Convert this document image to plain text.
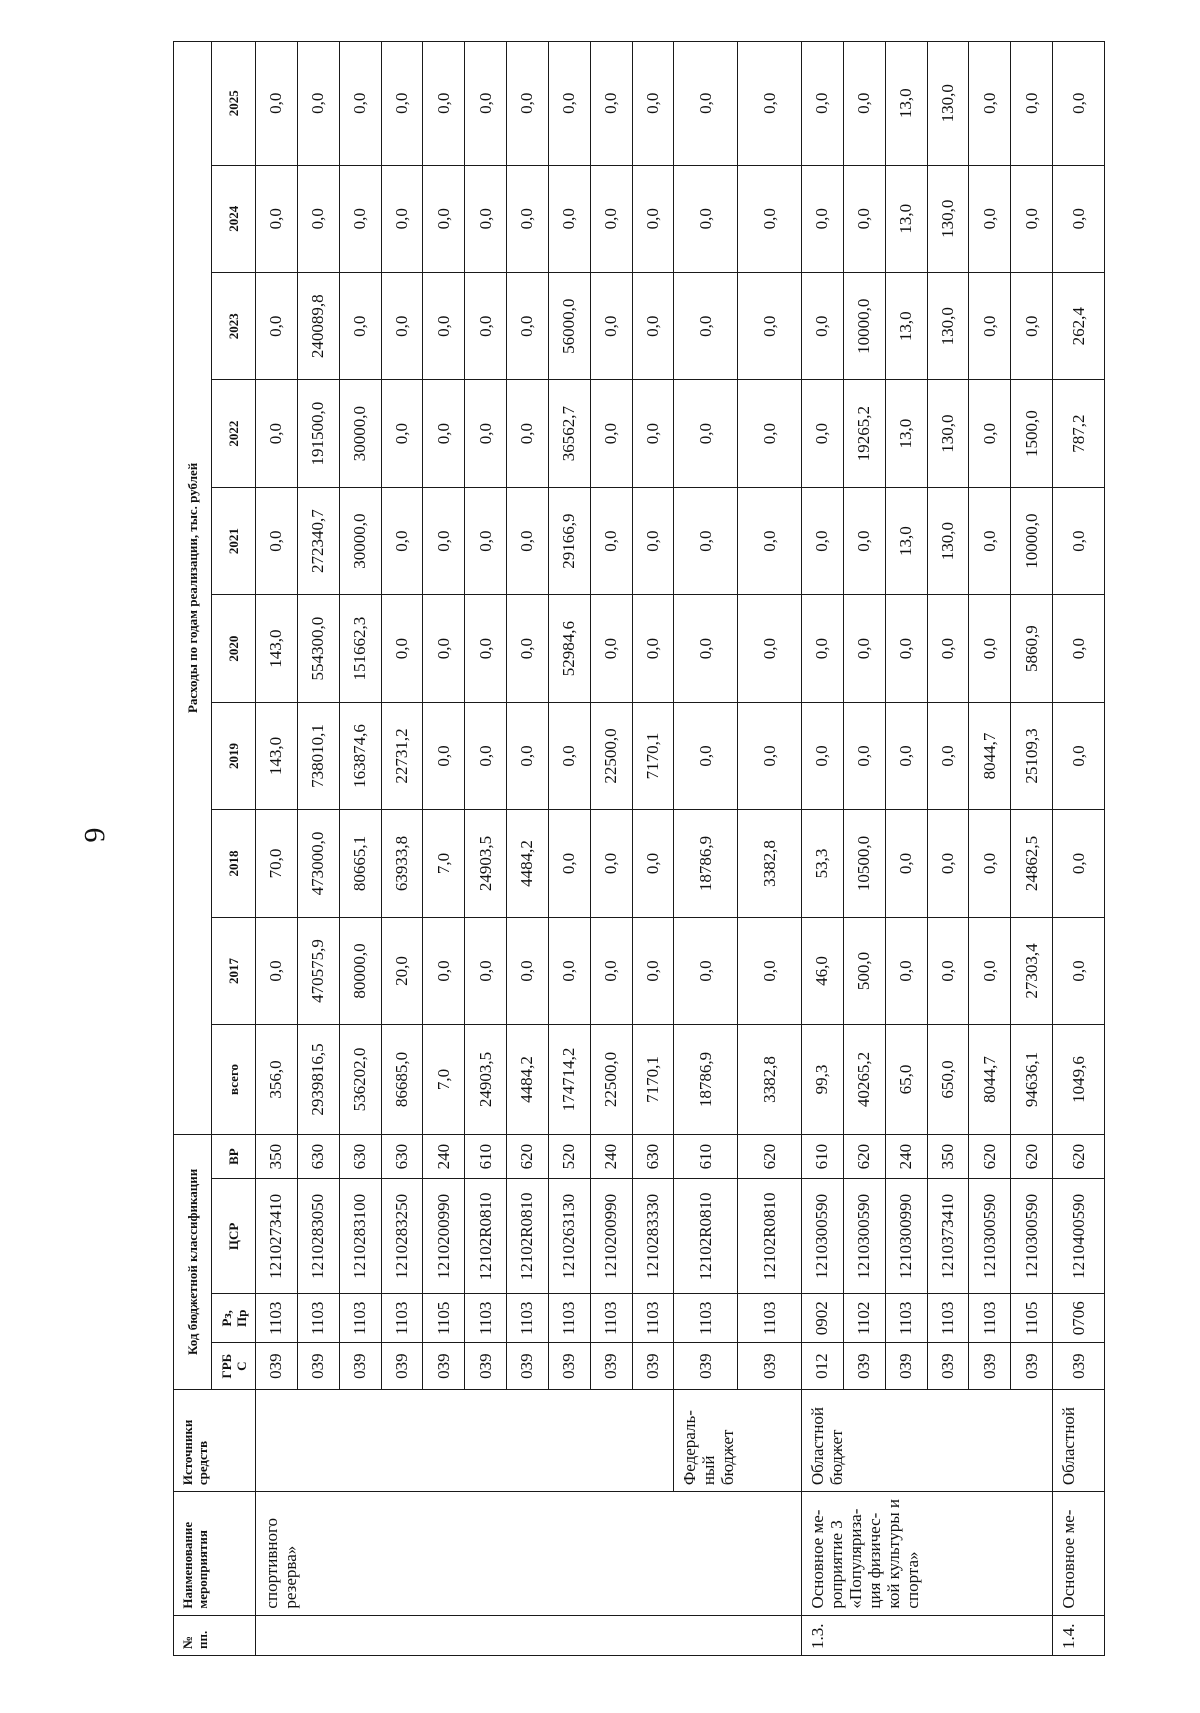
6
№ пп.	Наименование мероприятия	Источники средств	Код бюджетной классификации				Расходы по годам реализации, тыс. рублей									
			ГРБ С	Рз, Пр	ЦСР	ВР	всего	2017	2018	2019	2020	2021	2022	2023	2024	2025
	спортивного резерва»		039	1103	1210273410	350	356,0	0,0	70,0	143,0	143,0	0,0	0,0	0,0	0,0	0,0
			039	1103	1210283050	630	2939816,5	470575,9	473000,0	738010,1	554300,0	272340,7	191500,0	240089,8	0,0	0,0
			039	1103	1210283100	630	536202,0	80000,0	80665,1	163874,6	151662,3	30000,0	30000,0	0,0	0,0	0,0
			039	1103	1210283250	630	86685,0	20,0	63933,8	22731,2	0,0	0,0	0,0	0,0	0,0	0,0
			039	1105	1210200990	240	7,0	0,0	7,0	0,0	0,0	0,0	0,0	0,0	0,0	0,0
			039	1103	12102R0810	610	24903,5	0,0	24903,5	0,0	0,0	0,0	0,0	0,0	0,0	0,0
			039	1103	12102R0810	620	4484,2	0,0	4484,2	0,0	0,0	0,0	0,0	0,0	0,0	0,0
			039	1103	1210263130	520	174714,2	0,0	0,0	0,0	52984,6	29166,9	36562,7	56000,0	0,0	0,0
			039	1103	1210200990	240	22500,0	0,0	0,0	22500,0	0,0	0,0	0,0	0,0	0,0	0,0
			039	1103	1210283330	630	7170,1	0,0	0,0	7170,1	0,0	0,0	0,0	0,0	0,0	0,0
		Федераль-ный бюджет	039	1103	12102R0810	610	18786,9	0,0	18786,9	0,0	0,0	0,0	0,0	0,0	0,0	0,0
			039	1103	12102R0810	620	3382,8	0,0	3382,8	0,0	0,0	0,0	0,0	0,0	0,0	0,0
1.3.	Основное ме-роприятие 3 «Популяриза-ция физичес-кой культуры и спорта»	Областной бюджет	012	0902	1210300590	610	99,3	46,0	53,3	0,0	0,0	0,0	0,0	0,0	0,0	0,0
			039	1102	1210300590	620	40265,2	500,0	10500,0	0,0	0,0	0,0	19265,2	10000,0	0,0	0,0
			039	1103	1210300990	240	65,0	0,0	0,0	0,0	0,0	13,0	13,0	13,0	13,0	13,0
			039	1103	1210373410	350	650,0	0,0	0,0	0,0	0,0	130,0	130,0	130,0	130,0	130,0
			039	1103	1210300590	620	8044,7	0,0	0,0	8044,7	0,0	0,0	0,0	0,0	0,0	0,0
			039	1105	1210300590	620	94636,1	27303,4	24862,5	25109,3	5860,9	10000,0	1500,0	0,0	0,0	0,0
1.4.	Основное ме-	Областной	039	0706	1210400590	620	1049,6	0,0	0,0	0,0	0,0	0,0	787,2	262,4	0,0	0,0
